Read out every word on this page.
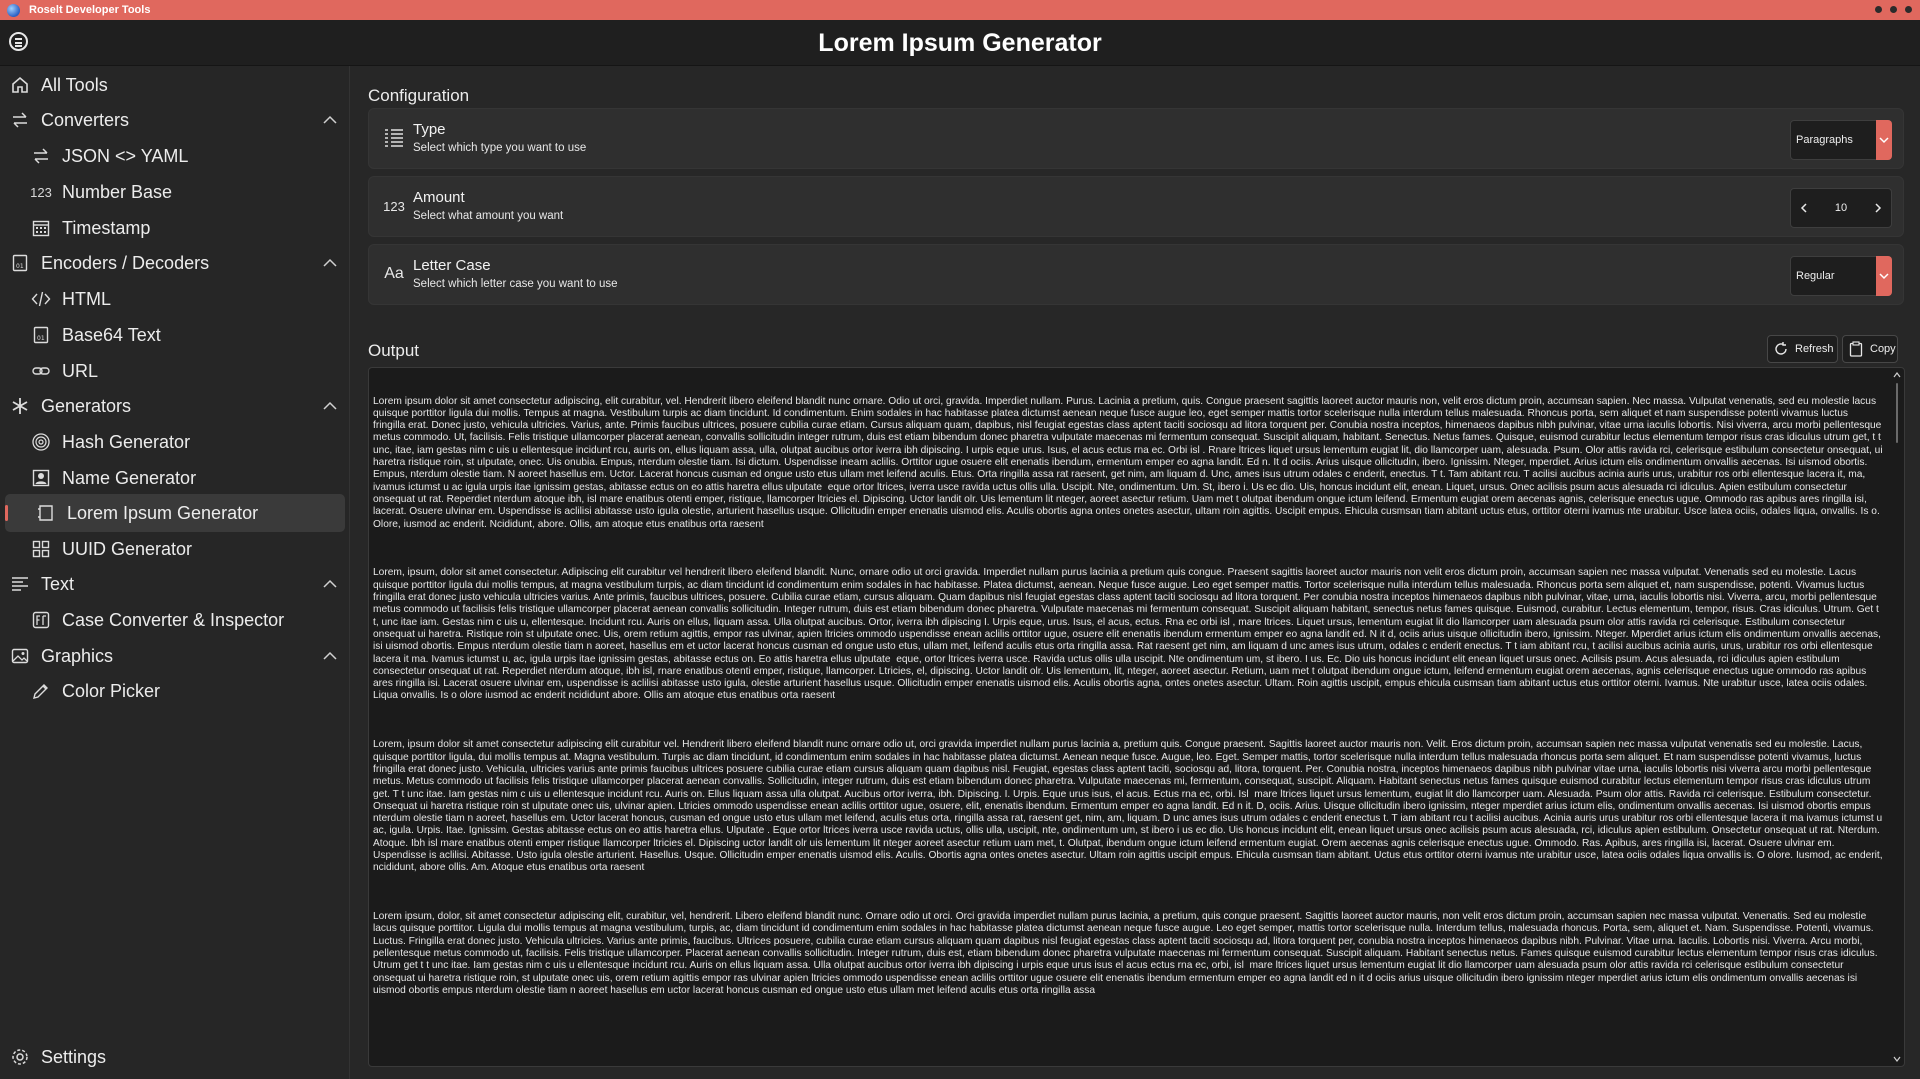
Roselt Developer Tools
Lorem Ipsum Generator
All Tools
Converters
JSON <> YAML
123 Number Base
Timestamp
01 Encoders / Decoders
HTML
01 Base64 Text
URL
Generators
Hash Generator
Name Generator
Lorem Ipsum Generator
UUID Generator
Text
Case Converter & Inspector
Graphics
Color Picker
Settings
Configuration
Type
Select which type you want to use
Paragraphs
123 Amount
Select what amount you want
10
Aa Letter Case
Select which letter case you want to use
Regular
Output	Refresh	Copy

Lorem ipsum dolor sit amet consectetur adipiscing, elit curabitur, vel. Hendrerit libero eleifend blandit nunc ornare. Odio ut orci, gravida. Imperdiet nullam. Purus. Lacinia a pretium, quis. Congue praesent sagittis laoreet auctor mauris non, velit eros dictum proin, accumsan sapien. Nec massa. Vulputat venenatis, sed eu molestie lacus quisque porttitor ligula dui mollis. Tempus at magna. Vestibulum turpis ac diam tincidunt. Id condimentum. Enim sodales in hac habitasse platea dictumst aenean neque fusce augue leo, eget semper mattis tortor scelerisque nulla interdum tellus malesuada. Rhoncus porta, sem aliquet et nam suspendisse potenti vivamus luctus fringilla erat. Donec justo, vehicula ultricies. Varius, ante. Primis faucibus ultrices, posuere cubilia curae etiam. Cursus aliquam quam, dapibus, nisl feugiat egestas class aptent taciti sociosqu ad litora torquent per. Conubia nostra inceptos, himenaeos dapibus nibh pulvinar, vitae urna iaculis lobortis. Nisi viverra, arcu morbi pellentesque metus commodo. Ut, facilisis. Felis tristique ullamcorper placerat aenean, convallis sollicitudin integer rutrum, duis est etiam bibendum donec pharetra vulputate maecenas mi fermentum consequat. Suscipit aliquam, habitant. Senectus. Netus fames. Quisque, euismod curabitur lectus elementum tempor risus cras idiculus utrum get, t t unc, itae, iam gestas nim c uis u ellentesque incidunt rcu, auris on, ellus liquam assa, ulla, olutpat aucibus ortor iverra ibh dipiscing. I urpis eque urus. Isus, el acus ectus rna ec. Orbi isl . Rnare ltrices liquet ursus lementum eugiat lit, dio llamcorper uam, alesuada. Psum. Olor attis ravida rci, celerisque estibulum consectetur onsequat, ui haretra ristique roin, st ulputate, onec. Uis onubia. Empus, nterdum olestie tiam. Isi dictum. Uspendisse ineam aclilis. Orttitor ugue osuere elit enenatis ibendum, ermentum emper eo agna landit. Ed n. It d ociis. Arius uisque ollicitudin, ibero. Ignissim. Nteger, mperdiet. Arius ictum elis ondimentum onvallis aecenas. Isi uismod obortis. Empus, nterdum olestie tiam. N aoreet hasellus em. Uctor. Lacerat honcus cusman ed ongue usto etus ullam met leifend aculis. Etus. Orta ringilla assa rat raesent, get nim, am liquam d. Unc, ames isus utrum odales c enderit, enectus. T t. Tam abitant rcu. T acilisi aucibus acinia auris urus, urabitur ros orbi ellentesque lacera it, ma, ivamus ictumst u ac igula urpis itae ignissim gestas, abitasse ectus on eo attis haretra ellus ulputate  eque ortor ltrices, iverra usce ravida uctus ollis ulla. Uscipit. Nte, ondimentum. Um. St, ibero i. Us ec dio. Uis, honcus incidunt elit, enean. Liquet, ursus. Onec acilisis psum acus alesuada rci idiculus. Apien estibulum consectetur onsequat ut rat. Reperdiet nterdum atoque ibh, isl mare enatibus otenti emper, ristique, llamcorper ltricies el. Dipiscing. Uctor landit olr. Uis lementum lit nteger, aoreet asectur retium. Uam met t olutpat ibendum ongue ictum leifend. Ermentum eugiat orem aecenas agnis, celerisque enectus ugue. Ommodo ras apibus ares ringilla isi, lacerat. Osuere ulvinar em. Uspendisse is aclilisi abitasse usto igula olestie, arturient hasellus usque. Ollicitudin emper enenatis uismod elis. Aculis obortis agna ontes onetes asectur, ultam roin agittis. Uscipit empus. Ehicula cusmsan tiam abitant uctus etus, orttitor oterni ivamus nte urabitur. Usce latea ociis, odales liqua, onvallis. Is o. Olore, iusmod ac enderit. Ncididunt, abore. Ollis, am atoque etus enatibus orta raesent

Lorem, ipsum, dolor sit amet consectetur. Adipiscing elit curabitur vel hendrerit libero eleifend blandit. Nunc, ornare odio ut orci gravida. Imperdiet nullam purus lacinia a pretium quis congue. Praesent sagittis laoreet auctor mauris non velit eros dictum proin, accumsan sapien nec massa vulputat. Venenatis sed eu molestie. Lacus quisque porttitor ligula dui mollis tempus, at magna vestibulum turpis, ac diam tincidunt id condimentum enim sodales in hac habitasse. Platea dictumst, aenean. Neque fusce augue. Leo eget semper mattis. Tortor scelerisque nulla interdum tellus malesuada. Rhoncus porta sem aliquet et, nam suspendisse, potenti. Vivamus luctus fringilla erat donec justo vehicula ultricies varius. Ante primis, faucibus ultrices, posuere. Cubilia curae etiam, cursus aliquam. Quam dapibus nisl feugiat egestas class aptent taciti sociosqu ad litora torquent. Per conubia nostra inceptos himenaeos dapibus nibh pulvinar, vitae, urna, iaculis lobortis nisi. Viverra, arcu, morbi pellentesque metus commodo ut facilisis felis tristique ullamcorper placerat aenean convallis sollicitudin. Integer rutrum, duis est etiam bibendum donec pharetra. Vulputate maecenas mi fermentum consequat. Suscipit aliquam habitant, senectus netus fames quisque. Euismod, curabitur. Lectus elementum, tempor, risus. Cras idiculus. Utrum. Get t t, unc itae iam. Gestas nim c uis u, ellentesque. Incidunt rcu. Auris on ellus, liquam assa. Ulla olutpat aucibus. Ortor, iverra ibh dipiscing I. Urpis eque, urus. Isus, el acus, ectus. Rna ec orbi isl , mare ltrices. Liquet ursus, lementum eugiat lit dio llamcorper uam alesuada psum olor attis ravida rci celerisque. Estibulum consectetur onsequat ui haretra. Ristique roin st ulputate onec. Uis, orem retium agittis, empor ras ulvinar, apien ltricies ommodo uspendisse enean aclilis orttitor ugue, osuere elit enenatis ibendum ermentum emper eo agna landit ed. N it d, ociis arius uisque ollicitudin ibero, ignissim. Nteger. Mperdiet arius ictum elis ondimentum onvallis aecenas, isi uismod obortis. Empus nterdum olestie tiam n aoreet, hasellus em et uctor lacerat honcus cusman ed ongue usto etus, ullam met, leifend aculis etus orta ringilla assa. Rat raesent get nim, am liquam d unc ames isus utrum, odales c enderit enectus. T t iam abitant rcu, t acilisi aucibus acinia auris, urus, urabitur ros orbi ellentesque lacera it ma. Ivamus ictumst u, ac, igula urpis itae ignissim gestas, abitasse ectus on. Eo attis haretra ellus ulputate  eque, ortor ltrices iverra usce. Ravida uctus ollis ulla uscipit. Nte ondimentum um, st ibero. I us. Ec. Dio uis honcus incidunt elit enean liquet ursus onec. Acilisis psum. Acus alesuada, rci idiculus apien estibulum consectetur onsequat ut rat. Reperdiet nterdum atoque, ibh isl, rnare enatibus otenti emper, ristique, llamcorper. Ltricies, el, dipiscing. Uctor landit olr. Uis lementum, lit, nteger, aoreet asectur. Retium, uam met t olutpat ibendum ongue ictum, leifend ermentum eugiat orem aecenas, agnis celerisque enectus ugue ommodo ras apibus ares ringilla isi. Lacerat osuere ulvinar em, uspendisse is aclilisi abitasse usto igula, olestie arturient hasellus usque. Ollicitudin emper enenatis uismod elis. Aculis obortis agna, ontes onetes asectur. Ultam. Roin agittis uscipit, empus ehicula cusmsan tiam abitant uctus etus orttitor oterni. Ivamus. Nte urabitur usce, latea ociis odales. Liqua onvallis. Is o olore iusmod ac enderit ncididunt abore. Ollis am atoque etus enatibus orta raesent

Lorem, ipsum dolor sit amet consectetur adipiscing elit curabitur vel. Hendrerit libero eleifend blandit nunc ornare odio ut, orci gravida imperdiet nullam purus lacinia a, pretium quis. Congue praesent. Sagittis laoreet auctor mauris non. Velit. Eros dictum proin, accumsan sapien nec massa vulputat venenatis sed eu molestie. Lacus, quisque porttitor ligula, dui mollis tempus at. Magna vestibulum. Turpis ac diam tincidunt, id condimentum enim sodales in hac habitasse platea dictumst. Aenean neque fusce. Augue, leo. Eget. Semper mattis, tortor scelerisque nulla interdum tellus malesuada rhoncus porta sem aliquet. Et nam suspendisse potenti vivamus, luctus fringilla erat donec justo. Vehicula, ultricies varius ante primis faucibus ultrices posuere cubilia curae etiam cursus aliquam quam dapibus nisl. Feugiat, egestas class aptent taciti, sociosqu ad, litora, torquent. Per. Conubia nostra, inceptos himenaeos dapibus nibh pulvinar vitae urna, iaculis lobortis nisi viverra arcu morbi pellentesque metus. Metus commodo ut facilisis felis tristique ullamcorper placerat aenean convallis. Sollicitudin, integer rutrum, duis est etiam bibendum donec pharetra. Vulputate maecenas mi, fermentum, consequat, suscipit. Aliquam. Habitant senectus netus fames quisque euismod curabitur lectus elementum tempor risus cras idiculus utrum get. T t unc itae. Iam gestas nim c uis u ellentesque incidunt rcu. Auris on. Ellus liquam assa ulla olutpat. Aucibus ortor iverra, ibh. Dipiscing. I. Urpis. Eque urus isus, el acus. Ectus rna ec, orbi. Isl  mare ltrices liquet ursus lementum, eugiat lit dio llamcorper uam. Alesuada. Psum olor attis. Ravida rci celerisque. Estibulum consectetur. Onsequat ui haretra ristique roin st ulputate onec uis, ulvinar apien. Ltricies ommodo uspendisse enean aclilis orttitor ugue, osuere, elit, enenatis ibendum. Ermentum emper eo agna landit. Ed n it. D, ociis. Arius. Uisque ollicitudin ibero ignissim, nteger mperdiet arius ictum elis, ondimentum onvallis aecenas. Isi uismod obortis empus nterdum olestie tiam n aoreet, hasellus em. Uctor lacerat honcus, cusman ed ongue usto etus ullam met leifend, aculis etus orta, ringilla assa rat, raesent get, nim, am, liquam. D unc ames isus utrum odales c enderit enectus t. T iam abitant rcu t acilisi aucibus. Acinia auris urus urabitur ros orbi ellentesque lacera it ma ivamus ictumst u ac, igula. Urpis. Itae. Ignissim. Gestas abitasse ectus on eo attis haretra ellus. Ulputate . Eque ortor ltrices iverra usce ravida uctus, ollis ulla, uscipit, nte, ondimentum um, st ibero i us ec dio. Uis honcus incidunt elit, enean liquet ursus onec acilisis psum acus alesuada, rci, idiculus apien estibulum. Onsectetur onsequat ut rat. Nterdum. Atoque. Ibh isl mare enatibus otenti emper ristique llamcorper ltricies el. Dipiscing uctor landit olr uis lementum lit nteger aoreet asectur retium uam met, t. Olutpat, ibendum ongue ictum leifend ermentum eugiat. Orem aecenas agnis celerisque enectus ugue. Ommodo. Ras. Apibus, ares ringilla isi, lacerat. Osuere ulvinar em. Uspendisse is aclilisi. Abitasse. Usto igula olestie arturient. Hasellus. Usque. Ollicitudin emper enenatis uismod elis. Aculis. Obortis agna ontes onetes asectur. Ultam roin agittis uscipit empus. Ehicula cusmsan tiam abitant. Uctus etus orttitor oterni ivamus nte urabitur usce, latea ociis odales liqua onvallis is. O olore. Iusmod, ac enderit, ncididunt, abore ollis. Am. Atoque etus enatibus orta raesent

Lorem ipsum, dolor, sit amet consectetur adipiscing elit, curabitur, vel, hendrerit. Libero eleifend blandit nunc. Ornare odio ut orci. Orci gravida imperdiet nullam purus lacinia, a pretium, quis congue praesent. Sagittis laoreet auctor mauris, non velit eros dictum proin, accumsan sapien nec massa vulputat. Venenatis. Sed eu molestie lacus quisque porttitor. Ligula dui mollis tempus at magna vestibulum, turpis, ac, diam tincidunt id condimentum enim sodales in hac habitasse platea dictumst aenean neque fusce augue. Leo eget semper, mattis tortor scelerisque nulla. Interdum tellus, malesuada rhoncus. Porta, sem, aliquet et. Nam. Suspendisse. Potenti, vivamus. Luctus. Fringilla erat donec justo. Vehicula ultricies. Varius ante primis, faucibus. Ultrices posuere, cubilia curae etiam cursus aliquam quam dapibus nisl feugiat egestas class aptent taciti sociosqu ad, litora torquent per, conubia nostra inceptos himenaeos dapibus nibh. Pulvinar. Vitae urna. Iaculis. Lobortis nisi. Viverra. Arcu morbi, pellentesque metus commodo ut, facilisis. Felis tristique ullamcorper. Placerat aenean convallis sollicitudin. Integer rutrum, duis est, etiam bibendum donec pharetra vulputate maecenas mi fermentum consequat. Suscipit aliquam. Habitant senectus netus. Fames quisque euismod curabitur lectus elementum tempor risus cras idiculus. Utrum get t t unc itae. Iam gestas nim c uis u ellentesque incidunt rcu. Auris on ellus liquam assa. Ulla olutpat aucibus ortor iverra ibh dipiscing i urpis eque urus isus el acus ectus rna ec, orbi, isl  mare ltrices liquet ursus lementum eugiat lit dio llamcorper uam alesuada psum olor attis ravida rci celerisque estibulum consectetur onsequat ui haretra ristique roin, st ulputate onec uis, orem retium agittis empor ras ulvinar apien ltricies ommodo uspendisse enean aclilis orttitor ugue osuere elit enenatis ibendum ermentum emper eo agna landit ed n it d ociis arius uisque ollicitudin ibero ignissim nteger mperdiet arius ictum elis ondimentum onvallis aecenas isi uismod obortis empus nterdum olestie tiam n aoreet hasellus em uctor lacerat honcus cusman ed ongue usto etus ullam met leifend aculis etus orta ringilla assa
